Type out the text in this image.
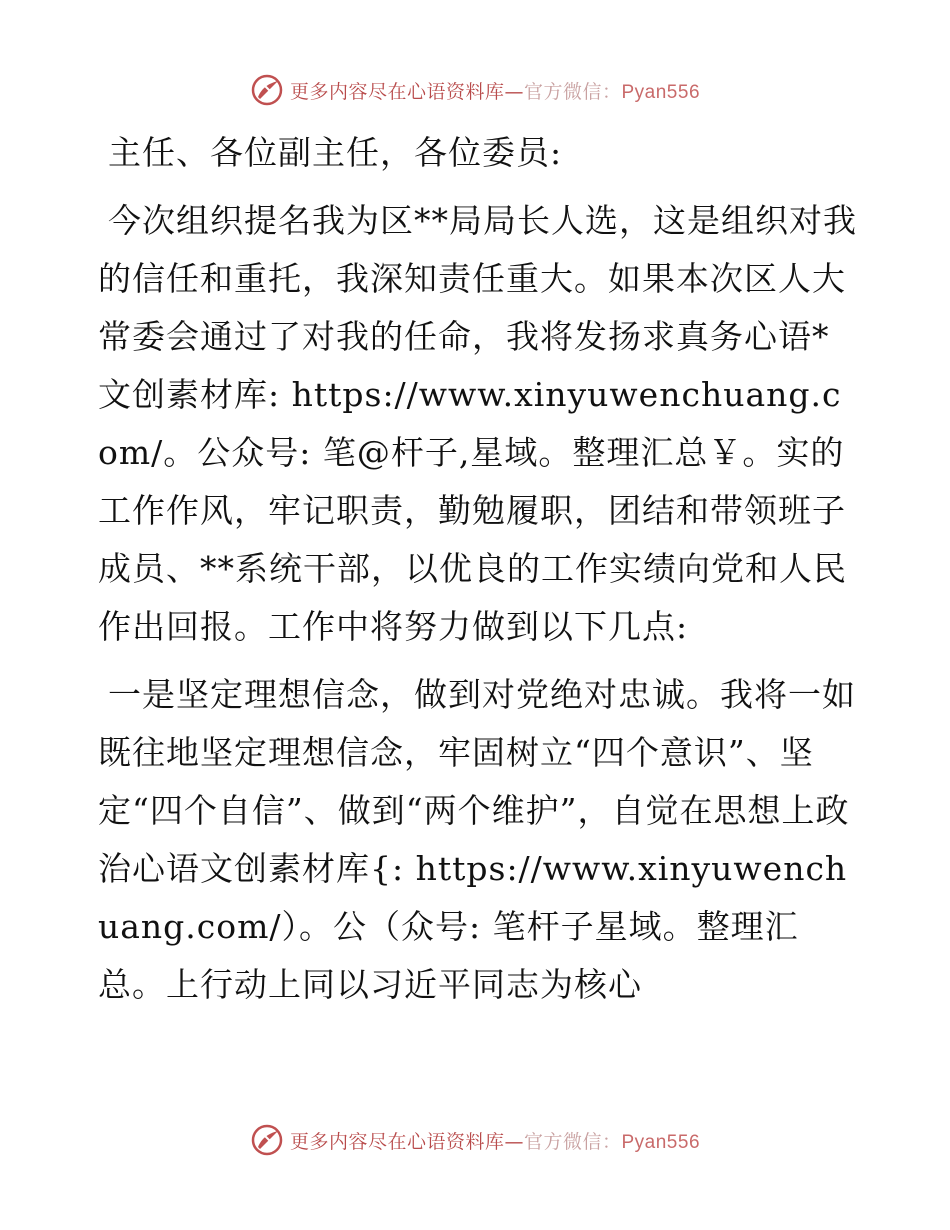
更多内容尽在心语资料库—官方微信：Pyan556

主任、各位副主任，各位委员:

今次组织提名我为区**局局长人选，这是组织对我的信任和重托，我深知责任重大。如果本次区人大常委会通过了对我的任命，我将发扬求真务心语*文创素材库: https://www.xinyuwenchuang.com/。公众号: 笔@杆子,星域。整理汇总￥。实的工作作风，牢记职责，勤勉履职，团结和带领班子成员、**系统干部，以优良的工作实绩向党和人民作出回报。工作中将努力做到以下几点:

一是坚定理想信念，做到对党绝对忠诚。我将一如既往地坚定理想信念，牢固树立“四个意识”、坚定“四个自信”、做到“两个维护”，自觉在思想上政治心语文创素材库{: https://www.xinyuwenchuang.com/）。公（众号: 笔杆子星域。整理汇总。上行动上同以习近平同志为核心

更多内容尽在心语资料库—官方微信：Pyan556
